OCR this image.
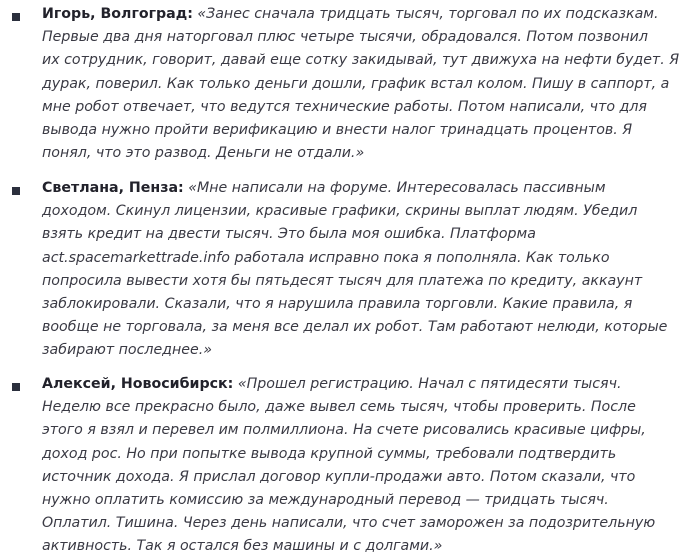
Игорь, Волгоград: «Занес сначала тридцать тысяч, торговал по их подсказкам.
Первые два дня наторговал плюс четыре тысячи, обрадовался. Потом позвонил
их сотрудник, говорит, давай еще сотку закидывай, тут движуха на нефти будет. Я
дурак, поверил. Как только деньги дошли, график встал колом. Пишу в саппорт, а
мне робот отвечает, что ведутся технические работы. Потом написали, что для
вывода нужно пройти верификацию и внести налог тринадцать процентов. Я
понял, что это развод. Деньги не отдали.»
Светлана, Пенза: «Мне написали на форуме. Интересовалась пассивным
доходом. Скинул лицензии, красивые графики, скрины выплат людям. Убедил
взять кредит на двести тысяч. Это была моя ошибка. Платформа
act.spacemarkettrade.info работала исправно пока я пополняла. Как только
попросила вывести хотя бы пятьдесят тысяч для платежа по кредиту, аккаунт
заблокировали. Сказали, что я нарушила правила торговли. Какие правила, я
вообще не торговала, за меня все делал их робот. Там работают нелюди, которые
забирают последнее.»
Алексей, Новосибирск: «Прошел регистрацию. Начал с пятидесяти тысяч.
Неделю все прекрасно было, даже вывел семь тысяч, чтобы проверить. После
этого я взял и перевел им полмиллиона. На счете рисовались красивые цифры,
доход рос. Но при попытке вывода крупной суммы, требовали подтвердить
источник дохода. Я прислал договор купли-продажи авто. Потом сказали, что
нужно оплатить комиссию за международный перевод — тридцать тысяч.
Оплатил. Тишина. Через день написали, что счет заморожен за подозрительную
активность. Так я остался без машины и с долгами.»
